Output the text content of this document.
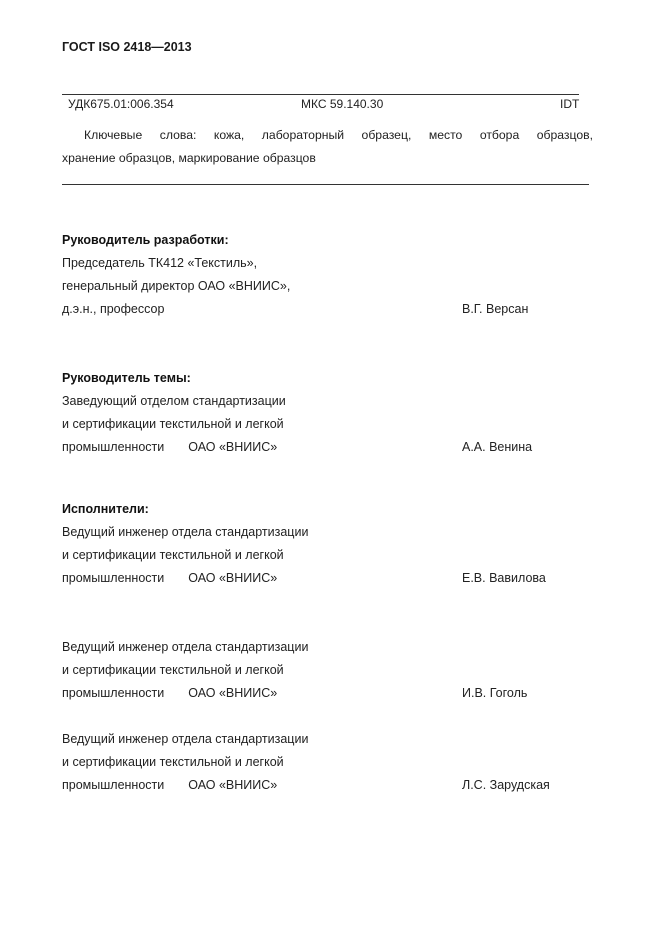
ГОСТ ISO 2418—2013
УДК675.01:006.354	МКС 59.140.30	IDT
Ключевые слова: кожа, лабораторный образец, место отбора образцов,
хранение образцов, маркирование образцов
Руководитель разработки:
Председатель ТК412 «Текстиль»,
генеральный директор ОАО «ВНИИС»,
д.э.н., профессор	В.Г. Версан
Руководитель темы:
Заведующий отделом стандартизации
и сертификации текстильной и легкой
промышленности ОАО «ВНИИС»	А.А. Венина
Исполнители:
Ведущий инженер отдела стандартизации
и сертификации текстильной и легкой
промышленности ОАО «ВНИИС»	Е.В. Вавилова
Ведущий инженер отдела стандартизации
и сертификации текстильной и легкой
промышленности ОАО «ВНИИС»	И.В. Гоголь
Ведущий инженер отдела стандартизации
и сертификации текстильной и легкой
промышленности ОАО «ВНИИС»	Л.С. Зарудская
